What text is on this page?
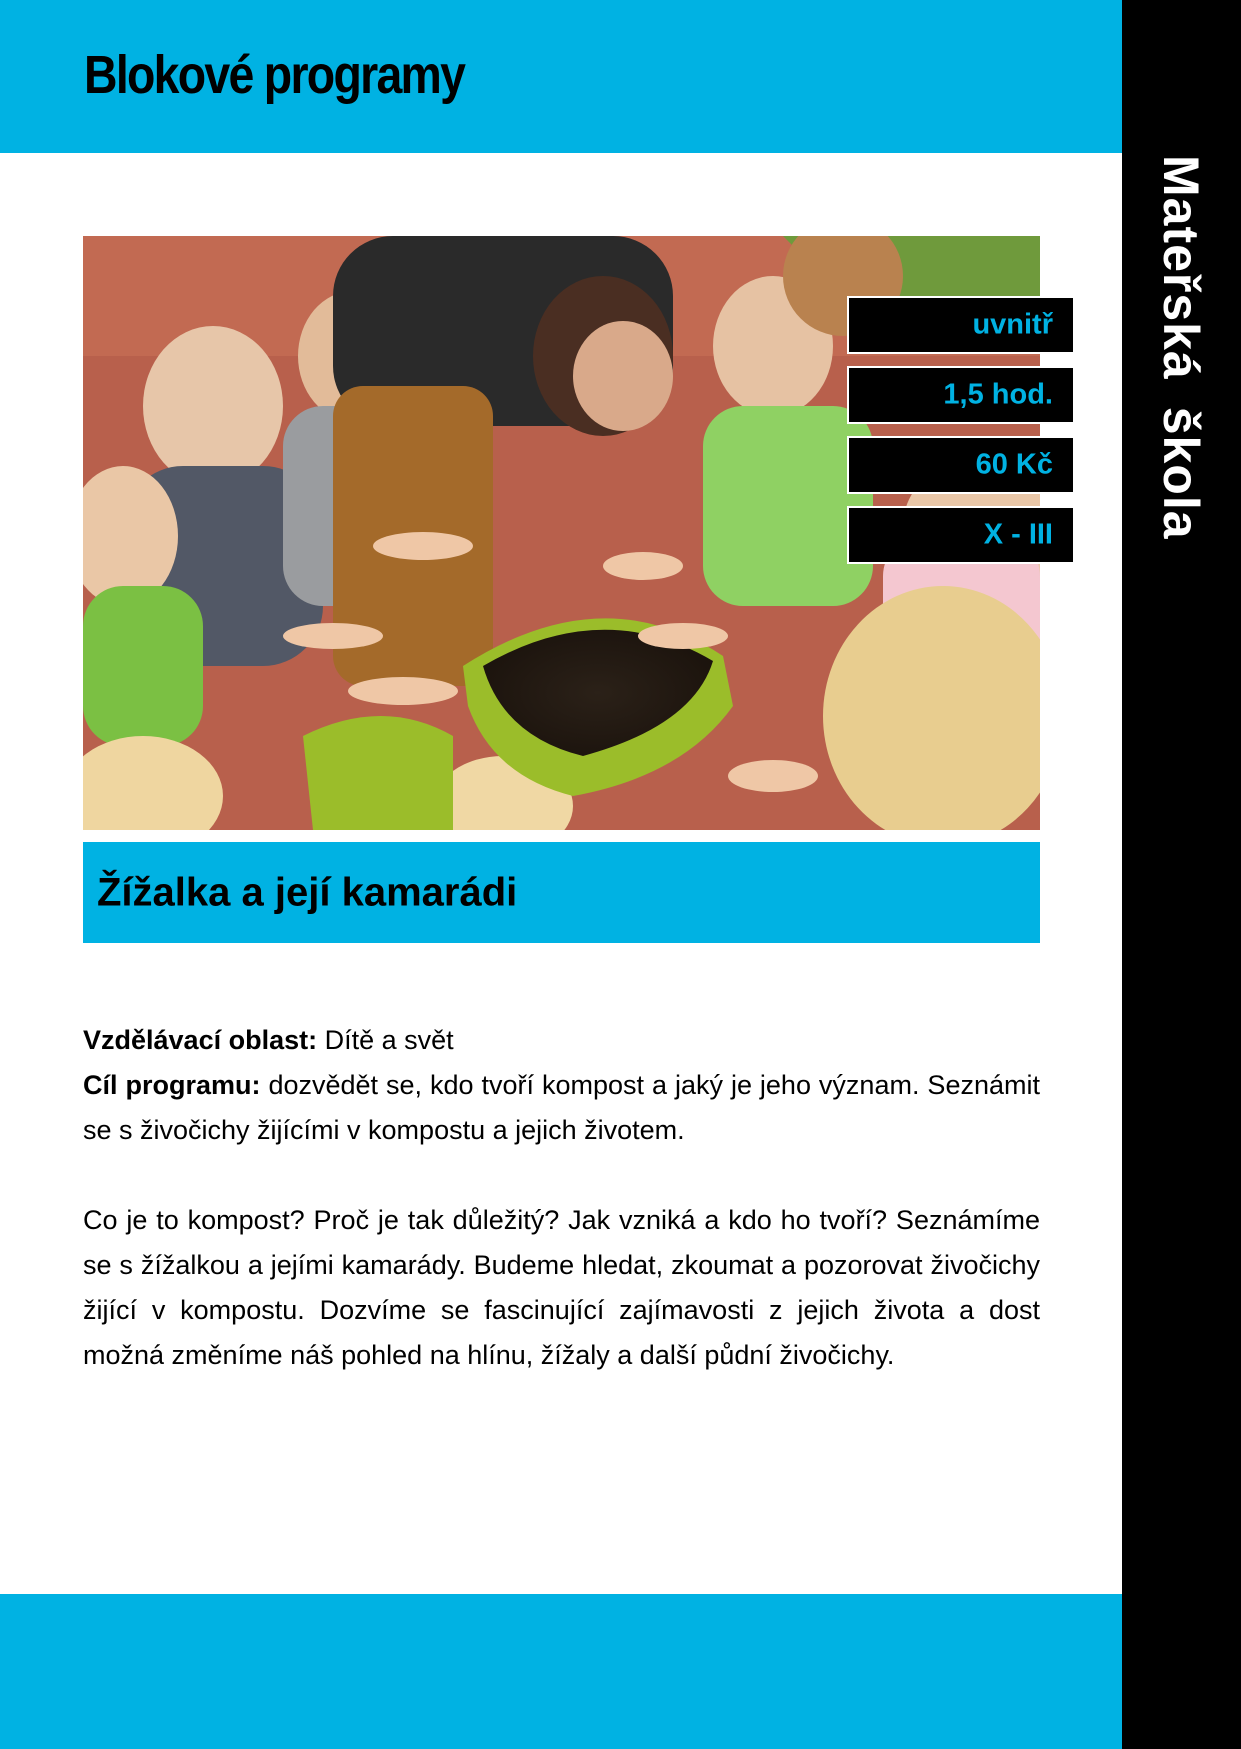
Blokové programy
Mateřská škola
uvnitř
1,5 hod.
60 Kč
X - III
Žížalka a její kamarádi

Vzdělávací oblast: Dítě a svět

Cíl programu: dozvědět se, kdo tvoří kompost a jaký je jeho význam. Seznámit se s živočichy žijícími v kompostu a jejich životem.

Co je to kompost? Proč je tak důležitý? Jak vzniká a kdo ho tvoří? Seznámíme se s žížalkou a jejími kamarády. Budeme hledat, zkoumat a pozorovat živočichy žijící v kompostu. Dozvíme se fascinující zajímavosti z jejich života a dost možná změníme náš pohled na hlínu, žížaly a další půdní živočichy.
